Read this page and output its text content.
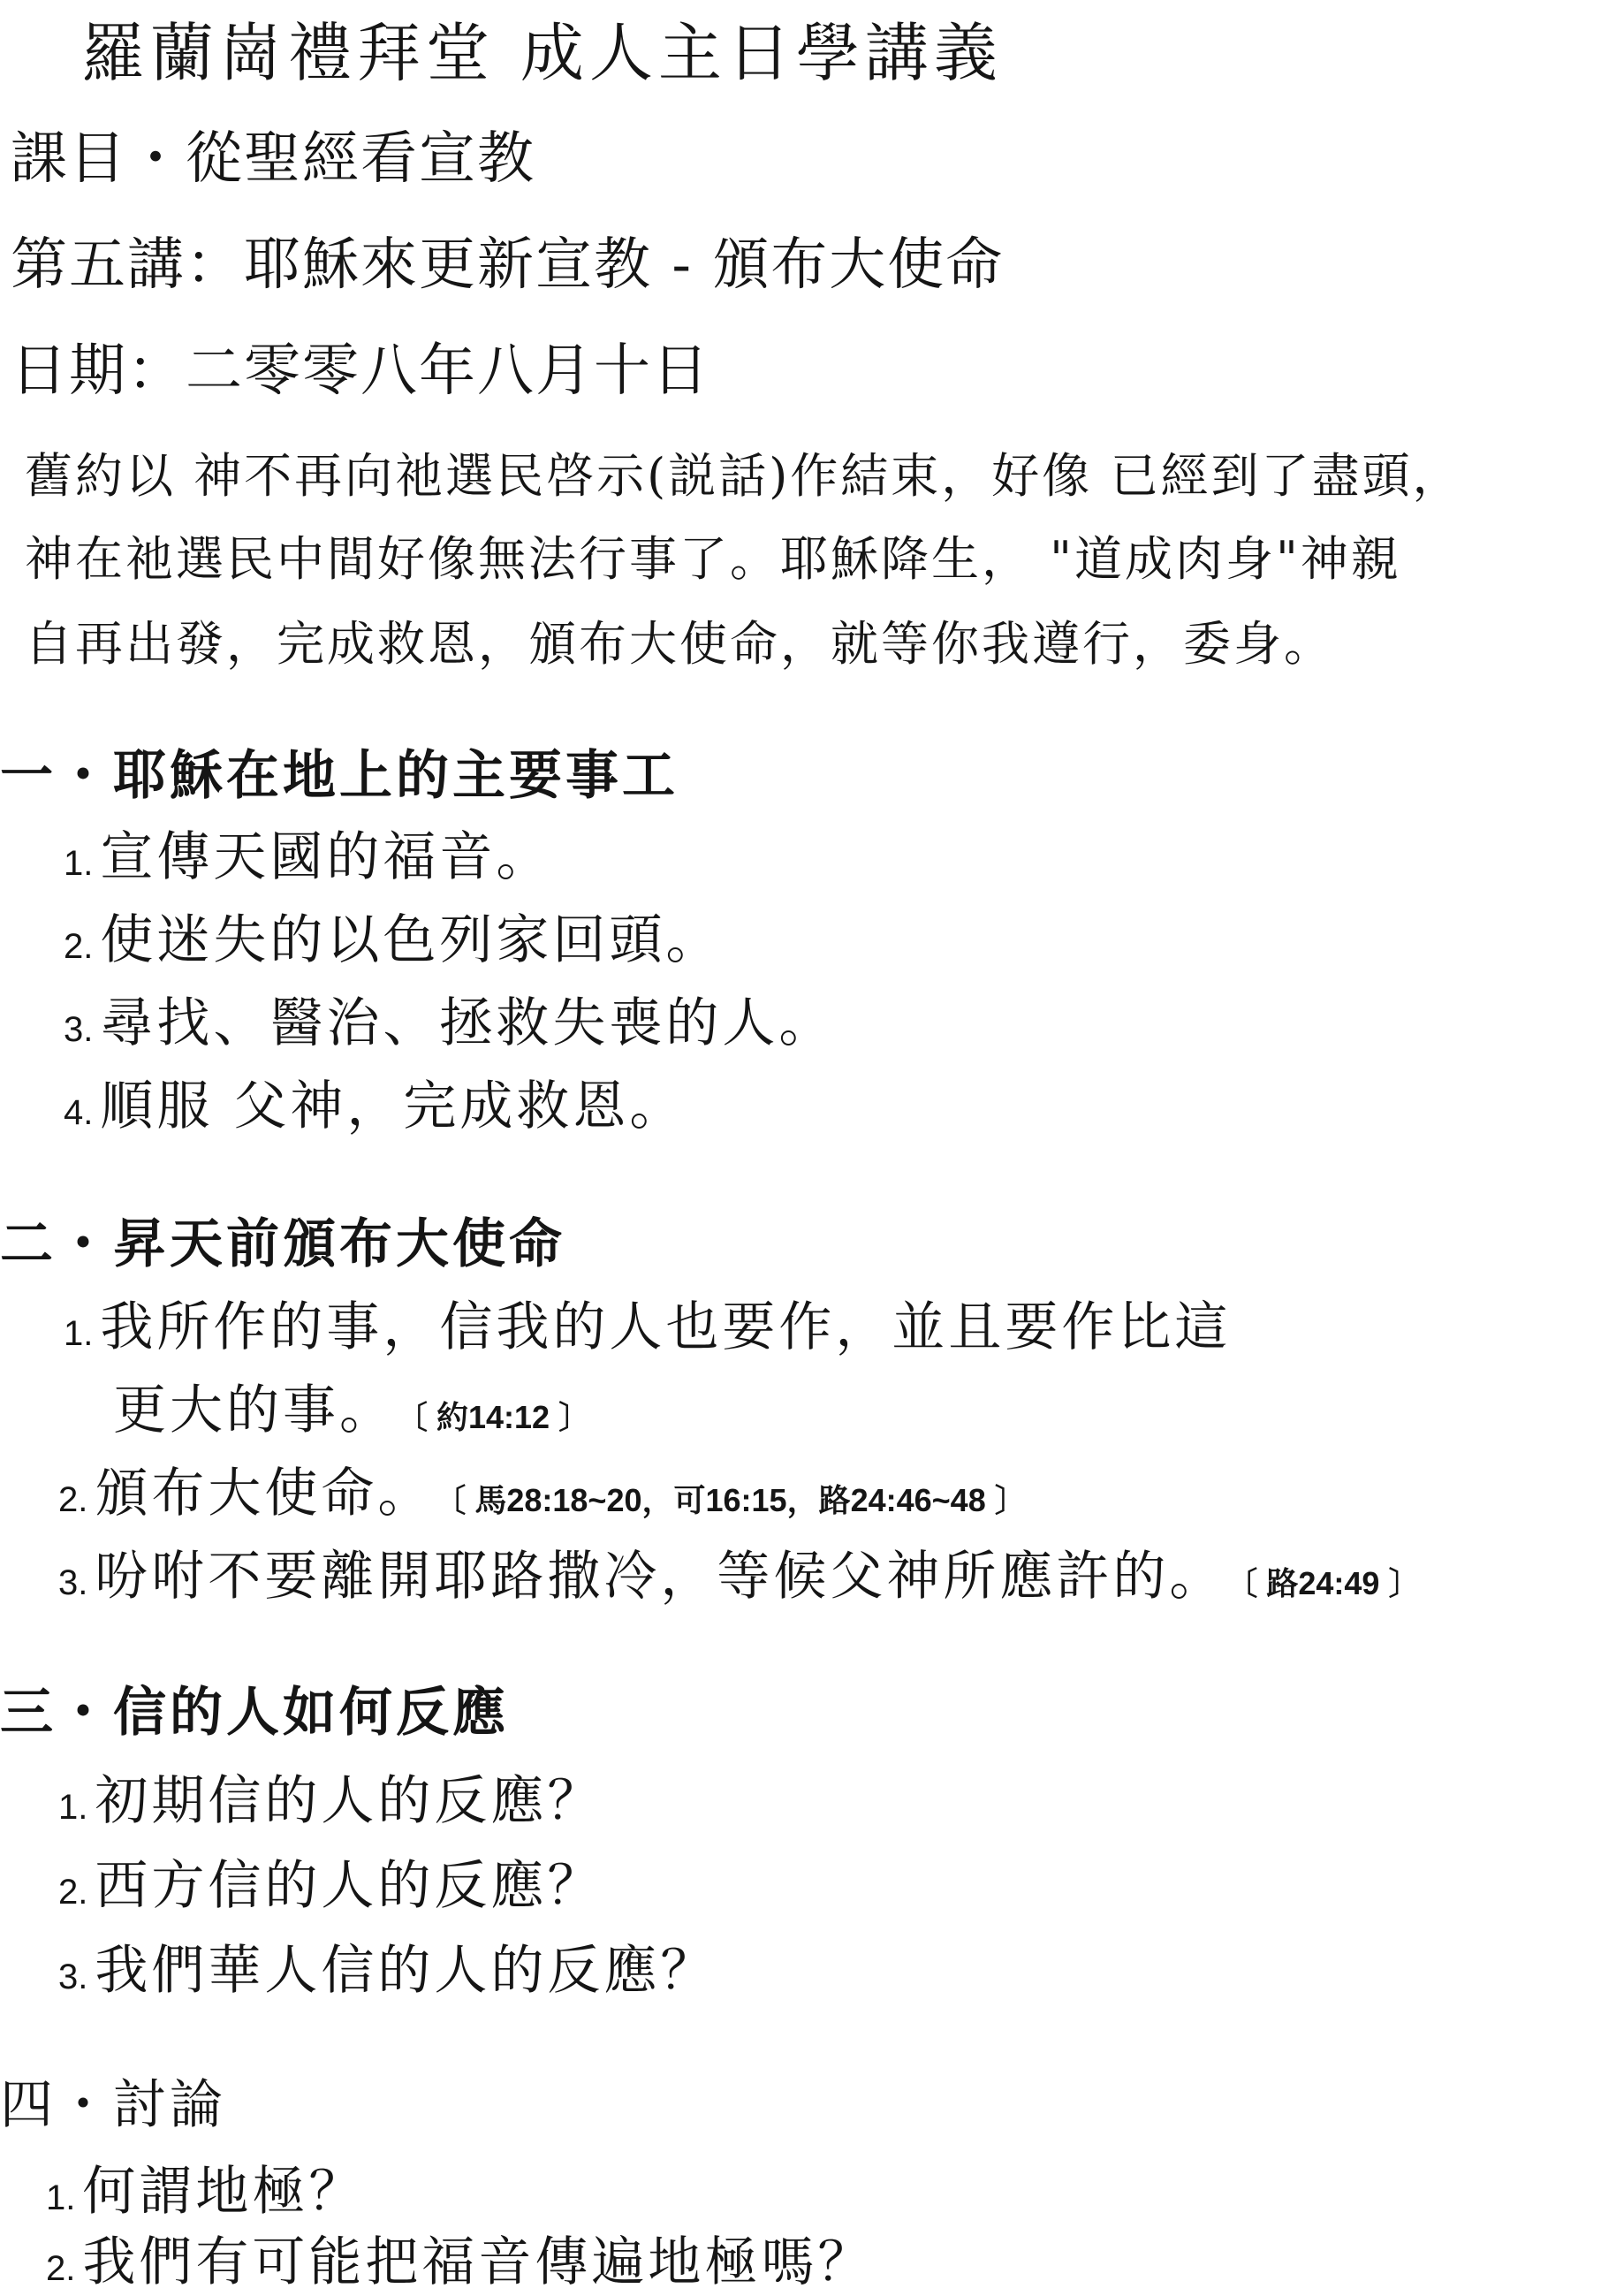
羅蘭崗禮拜堂 成人主日學講義
課目・從聖經看宣教
第五講：耶穌來更新宣教 - 頒布大使命
日期：二零零八年八月十日
舊約以 神不再向祂選民啓示(説話)作結束，好像 已經到了盡頭，
神在祂選民中間好像無法行事了。耶穌降生， "道成肉身"神親
自再出發，完成救恩，頒布大使命，就等你我遵行，委身。
一・耶穌在地上的主要事工
1. 宣傳天國的福音。
2. 使迷失的以色列家回頭。
3. 尋找、醫治、拯救失喪的人。
4. 順服 父神，完成救恩。
二・昇天前頒布大使命
1. 我所作的事，信我的人也要作，並且要作比這
更大的事。 〔 約14:12 〕
2. 頒布大使命。 〔 馬28:18~20，可16:15，路24:46~48 〕
3. 吩咐不要離開耶路撒冷，等候父神所應許的。 〔 路24:49 〕
三・信的人如何反應
1. 初期信的人的反應？
2. 西方信的人的反應？
3. 我們華人信的人的反應？
四・討論
1. 何謂地極？
2. 我們有可能把福音傳遍地極嗎？
